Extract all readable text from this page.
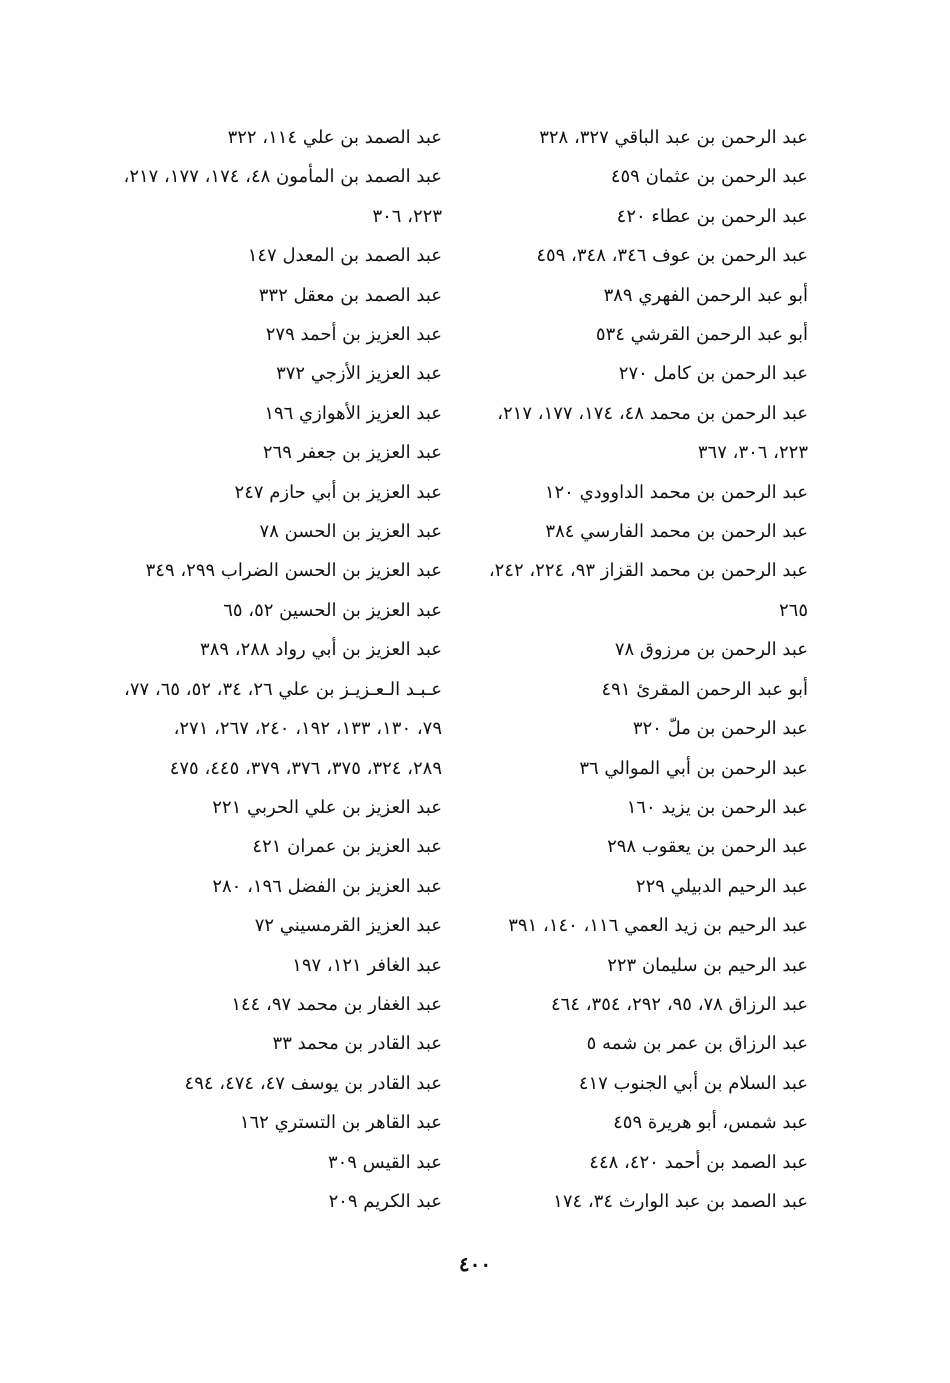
عبد الرحمن بن عبد الباقي ٣٢٧، ٣٢٨
عبد الرحمن بن عثمان ٤٥٩
عبد الرحمن بن عطاء ٤٢٠
عبد الرحمن بن عوف ٣٤٦، ٣٤٨، ٤٥٩
أبو عبد الرحمن الفهري ٣٨٩
أبو عبد الرحمن القرشي ٥٣٤
عبد الرحمن بن كامل ٢٧٠
عبد الرحمن بن محمد ٤٨، ١٧٤، ١٧٧، ٢١٧،
٢٢٣، ٣٠٦، ٣٦٧
عبد الرحمن بن محمد الداوودي ١٢٠
عبد الرحمن بن محمد الفارسي ٣٨٤
عبد الرحمن بن محمد القزاز ٩٣، ٢٢٤، ٢٤٢،
٢٦٥
عبد الرحمن بن مرزوق ٧٨
أبو عبد الرحمن المقرئ ٤٩١
عبد الرحمن بن ملّ ٣٢٠
عبد الرحمن بن أبي الموالي ٣٦
عبد الرحمن بن يزيد ١٦٠
عبد الرحمن بن يعقوب ٢٩٨
عبد الرحيم الدبيلي ٢٢٩
عبد الرحيم بن زيد العمي ١١٦، ١٤٠، ٣٩١
عبد الرحيم بن سليمان ٢٢٣
عبد الرزاق ٧٨، ٩٥، ٢٩٢، ٣٥٤، ٤٦٤
عبد الرزاق بن عمر بن شمه ٥
عبد السلام بن أبي الجنوب ٤١٧
عبد شمس، أبو هريرة ٤٥٩
عبد الصمد بن أحمد ٤٢٠، ٤٤٨
عبد الصمد بن عبد الوارث ٣٤، ١٧٤
عبد الصمد بن علي ١١٤، ٣٢٢
عبد الصمد بن المأمون ٤٨، ١٧٤، ١٧٧، ٢١٧،
٢٢٣، ٣٠٦
عبد الصمد بن المعدل ١٤٧
عبد الصمد بن معقل ٣٣٢
عبد العزيز بن أحمد ٢٧٩
عبد العزيز الأزجي ٣٧٢
عبد العزيز الأهوازي ١٩٦
عبد العزيز بن جعفر ٢٦٩
عبد العزيز بن أبي حازم ٢٤٧
عبد العزيز بن الحسن ٧٨
عبد العزيز بن الحسن الضراب ٢٩٩، ٣٤٩
عبد العزيز بن الحسين ٥٢، ٦٥
عبد العزيز بن أبي رواد ٢٨٨، ٣٨٩
عـبـد الـعـزيـز بن علي ٢٦، ٣٤، ٥٢، ٦٥، ٧٧،
٧٩، ١٣٠، ١٣٣، ١٩٢، ٢٤٠، ٢٦٧، ٢٧١،
٢٨٩، ٣٢٤، ٣٧٥، ٣٧٦، ٣٧٩، ٤٤٥، ٤٧٥
عبد العزيز بن علي الحربي ٢٢١
عبد العزيز بن عمران ٤٢١
عبد العزيز بن الفضل ١٩٦، ٢٨٠
عبد العزيز القرمسيني ٧٢
عبد الغافر ١٢١، ١٩٧
عبد الغفار بن محمد ٩٧، ١٤٤
عبد القادر بن محمد ٣٣
عبد القادر بن يوسف ٤٧، ٤٧٤، ٤٩٤
عبد القاهر بن التستري ١٦٢
عبد القيس ٣٠٩
عبد الكريم ٢٠٩
٤٠٠
